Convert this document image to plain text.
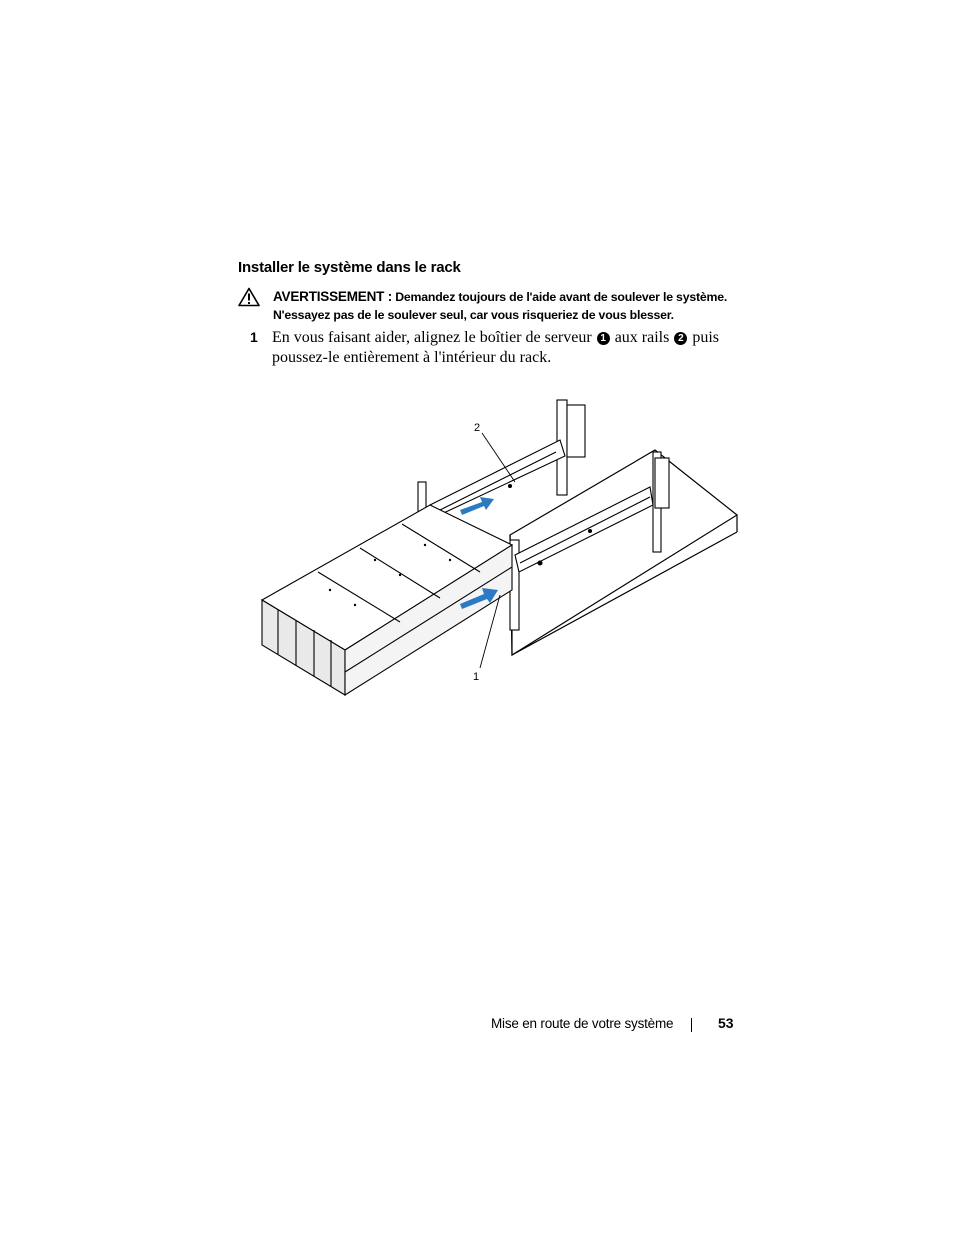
Installer le système dans le rack
AVERTISSEMENT : Demandez toujours de l'aide avant de soulever le système. N'essayez pas de le soulever seul, car vous risqueriez de vous blesser.
1 En vous faisant aider, alignez le boîtier de serveur 1 aux rails 2 puis poussez-le entièrement à l'intérieur du rack.
2
1
Mise en route de votre système	53
